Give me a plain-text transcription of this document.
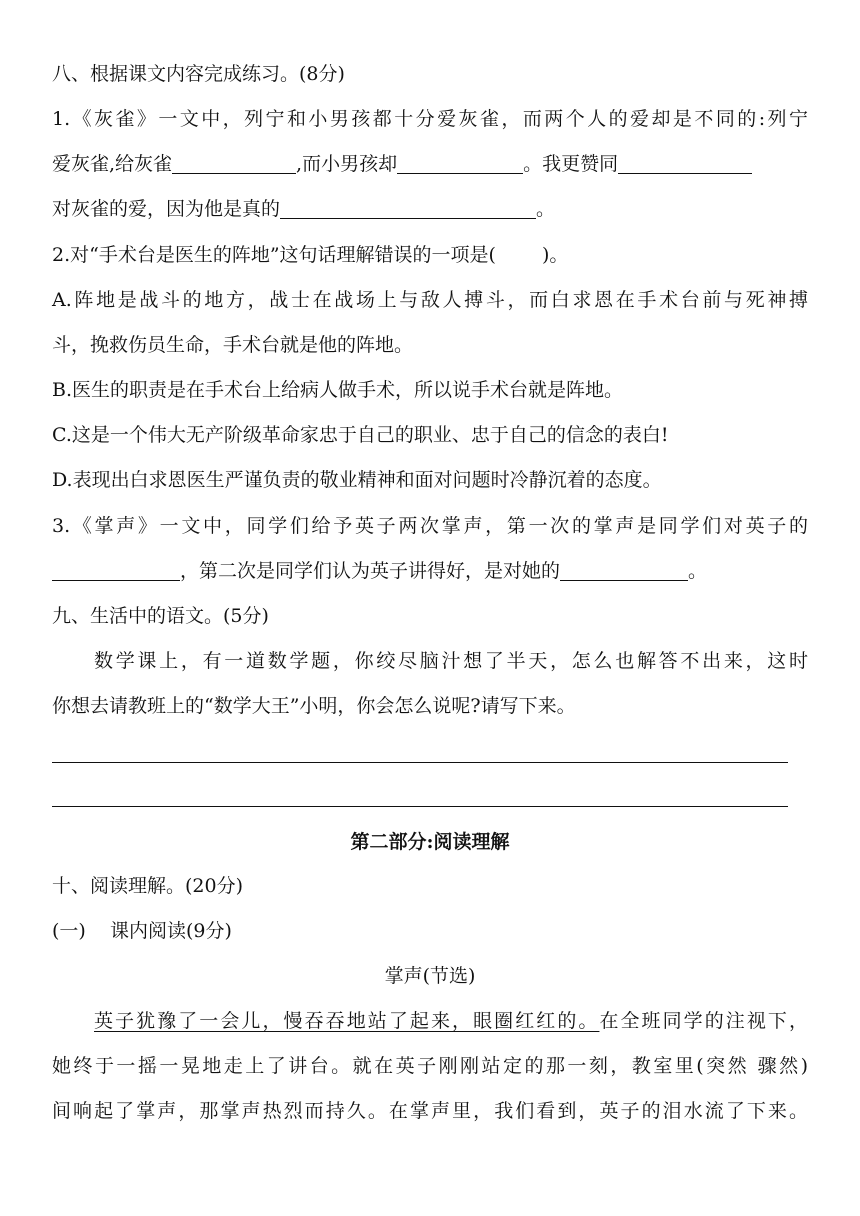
八、根据课文内容完成练习。(8分)
1.《灰雀》一文中，列宁和小男孩都十分爱灰雀，而两个人的爱却是不同的:列宁
爱灰雀,给灰雀	,而小男孩却	。我更赞同
对灰雀的爱，因为他是真的	。
2.对“手术台是医生的阵地”这句话理解错误的一项是( )。
A.阵地是战斗的地方，战士在战场上与敌人搏斗，而白求恩在手术台前与死神搏
斗，挽救伤员生命，手术台就是他的阵地。
B.医生的职责是在手术台上给病人做手术，所以说手术台就是阵地。
C.这是一个伟大无产阶级革命家忠于自己的职业、忠于自己的信念的表白!
D.表现出白求恩医生严谨负责的敬业精神和面对问题时冷静沉着的态度。
3.《掌声》一文中，同学们给予英子两次掌声，第一次的掌声是同学们对英子的
，第二次是同学们认为英子讲得好，是对她的	。
九、生活中的语文。(5分)
数学课上，有一道数学题，你绞尽脑汁想了半天，怎么也解答不出来，这时
你想去请教班上的“数学大王”小明，你会怎么说呢?请写下来。
第二部分:阅读理解
十、阅读理解。(20分)
(一)    课内阅读(9分)
掌声(节选)
英子犹豫了一会儿，慢吞吞地站了起来，眼圈红红的。在全班同学的注视下，
她终于一摇一晃地走上了讲台。就在英子刚刚站定的那一刻，教室里(突然 骤然)
间响起了掌声，那掌声热烈而持久。在掌声里，我们看到，英子的泪水流了下来。
